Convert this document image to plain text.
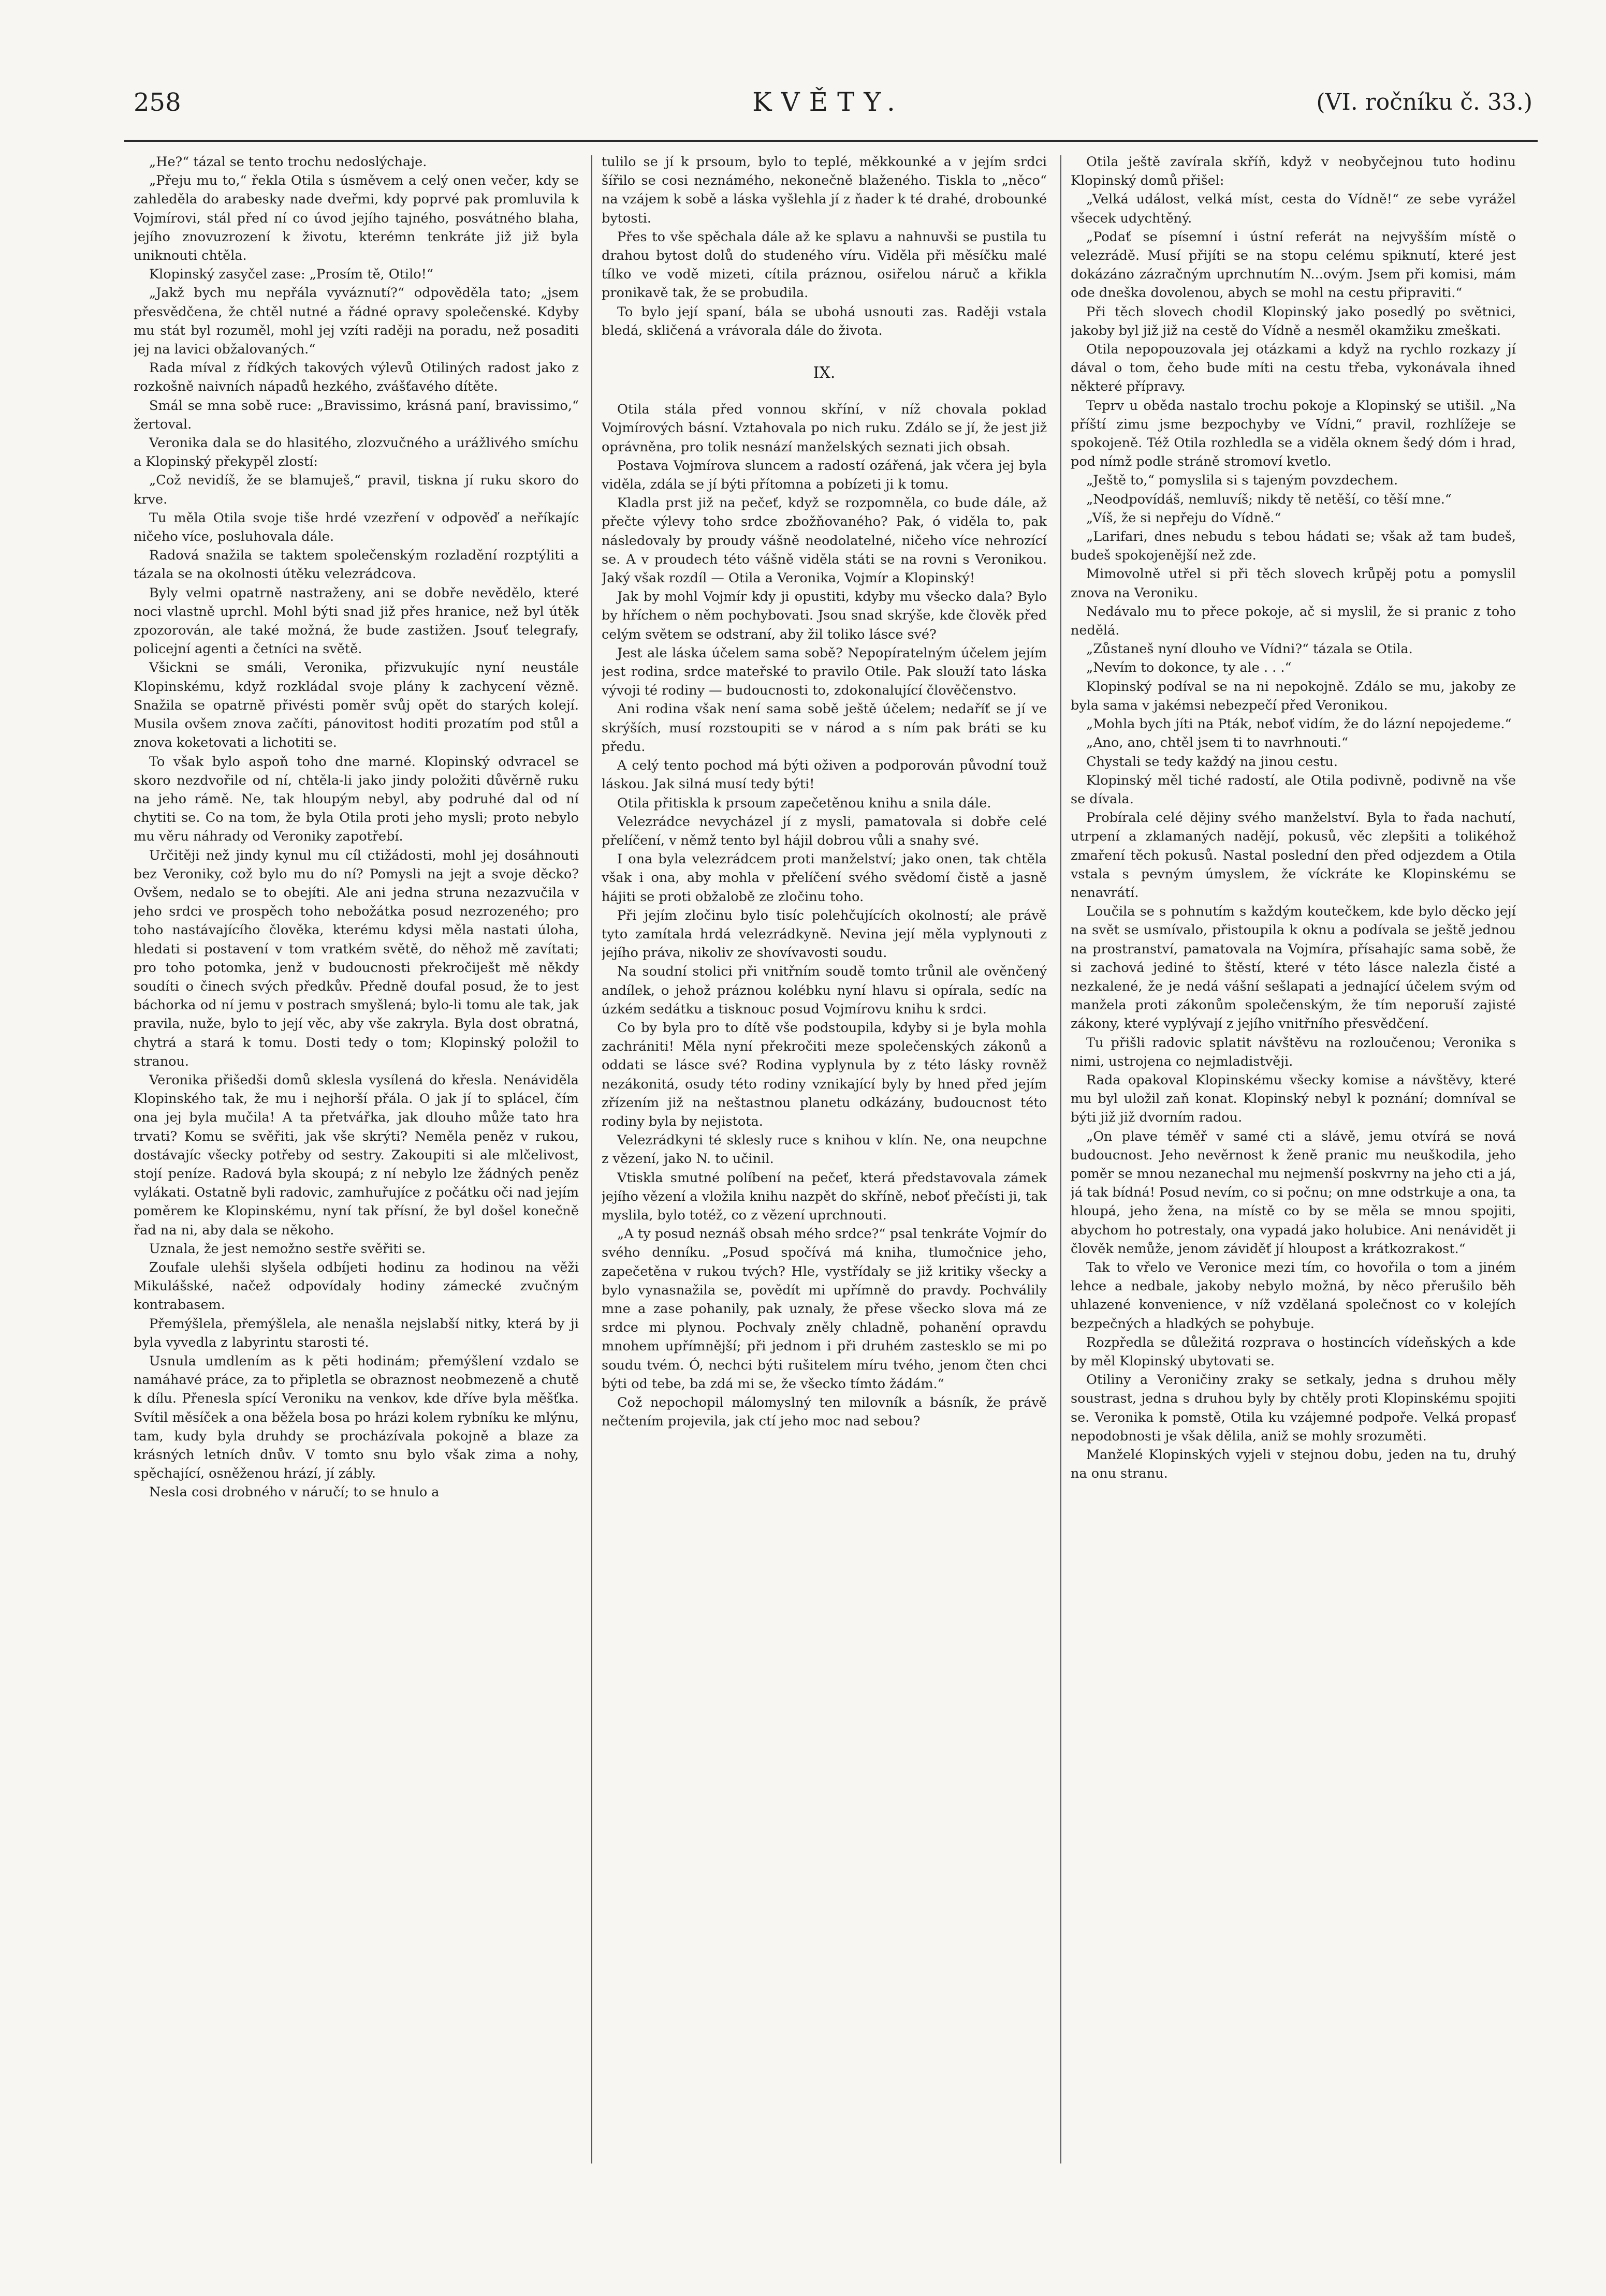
258	KVĚTY.	(VI. ročníku č. 33.)

„He?“ tázal se tento trochu nedoslýchaje.

„Přeju mu to,“ řekla Otila s úsměvem a celý onen večer, kdy se zahleděla do arabesky nade dveřmi, kdy poprvé pak promluvila k Vojmírovi, stál před ní co úvod jejího tajného, posvátného blaha, jejího znovuzrození k životu, kterémn tenkráte již již byla uniknouti chtěla.

Klopinský zasyčel zase: „Prosím tě, Otilo!“

„Jakž bych mu nepřála vyváznutí?“ odpověděla tato; „jsem přesvědčena, že chtěl nutné a řádné opravy společenské. Kdyby mu stát byl rozuměl, mohl jej vzíti raději na poradu, než posaditi jej na lavici obžalovaných.“

Rada míval z řídkých takových výlevů Otiliných radost jako z rozkošně naivních nápadů hezkého, zvášťavého dítěte.

Smál se mna sobě ruce: „Bravissimo, krásná paní, bravissimo,“ žertoval.

Veronika dala se do hlasitého, zlozvučného a urážlivého smíchu a Klopinský překypěl zlostí:

„Což nevidíš, že se blamuješ,“ pravil, tiskna jí ruku skoro do krve.

Tu měla Otila svoje tiše hrdé vzezření v odpověď a neříkajíc ničeho více, posluhovala dále.

Radová snažila se taktem společenským rozladění rozptýliti a tázala se na okolnosti útěku velezrádcova.

Byly velmi opatrně nastraženy, ani se dobře nevědělo, které noci vlastně uprchl. Mohl býti snad již přes hranice, než byl útěk zpozorován, ale také možná, že bude zastižen. Jsouť telegrafy, policejní agenti a četníci na světě.

Všickni se smáli, Veronika, přizvukujíc nyní neustále Klopinskému, když rozkládal svoje plány k zachycení vězně. Snažila se opatrně přivésti poměr svůj opět do starých kolejí. Musila ovšem znova začíti, pánovitost hoditi prozatím pod stůl a znova koketovati a lichotiti se.

To však bylo aspoň toho dne marné. Klopinský odvracel se skoro nezdvořile od ní, chtěla-li jako jindy položiti důvěrně ruku na jeho rámě. Ne, tak hloupým nebyl, aby podruhé dal od ní chytiti se. Co na tom, že byla Otila proti jeho mysli; proto nebylo mu věru náhrady od Veroniky zapotřebí.

Určitěji než jindy kynul mu cíl ctižádosti, mohl jej dosáhnouti bez Veroniky, což bylo mu do ní? Pomysli na jejt a svoje děcko? Ovšem, nedalo se to obejíti. Ale ani jedna struna nezazvučila v jeho srdci ve prospěch toho nebožátka posud nezrozeného; pro toho nastávajícího člověka, kterému kdysi měla nastati úloha, hledati si postavení v tom vratkém světě, do něhož mě zavítati; pro toho potomka, jenž v budoucnosti překročiješt mě někdy soudíti o činech svých předkův. Předně doufal posud, že to jest báchorka od ní jemu v postrach smyšlená; bylo-li tomu ale tak, jak pravila, nuže, bylo to její věc, aby vše zakryla. Byla dost obratná, chytrá a stará k tomu. Dosti tedy o tom; Klopinský položil to stranou.

Veronika přišedši domů sklesla vysílená do křesla. Nenáviděla Klopinského tak, že mu i nejhorší přála. O jak jí to splácel, čím ona jej byla mučila! A ta přetvářka, jak dlouho může tato hra trvati? Komu se svěřiti, jak vše skrýti? Neměla peněz v rukou, dostávajíc všecky potřeby od sestry. Zakoupiti si ale mlčelivost, stojí peníze. Radová byla skoupá; z ní nebylo lze žádných peněz vylákati. Ostatně byli radovic, zamhuřujíce z počátku oči nad jejím poměrem ke Klopinskému, nyní tak přísní, že byl došel konečně řad na ni, aby dala se někoho.

Uznala, že jest nemožno sestře svěřiti se.

Zoufale ulehši slyšela odbíjeti hodinu za hodinou na věži Mikulášské, načež odpovídaly hodiny zámecké zvučným kontrabasem.

Přemýšlela, přemýšlela, ale nenašla nejslabší nitky, která by ji byla vyvedla z labyrintu starosti té.

Usnula umdlením as k pěti hodinám; přemýšlení vzdalo se namáhavé práce, za to připletla se obraznost neobmezeně a chutě k dílu. Přenesla spící Veroniku na venkov, kde dříve byla měšťka. Svítil měsíček a ona běžela bosa po hrázi kolem rybníku ke mlýnu, tam, kudy byla druhdy se procházívala pokojně a blaze za krásných letních dnův. V tomto snu bylo však zima a nohy, spěchající, osněženou hrází, jí zábly.

Nesla cosi drobného v náručí; to se hnulo a

tulilo se jí k prsoum, bylo to teplé, měkkounké a v jejím srdci šířilo se cosi neznámého, nekonečně blaženého. Tiskla to „něco“ na vzájem k sobě a láska vyšlehla jí z ňader k té drahé, drobounké bytosti.

Přes to vše spěchala dále až ke splavu a nahnuvši se pustila tu drahou bytost dolů do studeného víru. Viděla při měsíčku malé tílko ve vodě mizeti, cítila práznou, osiřelou náruč a křikla pronikavě tak, že se probudila.

To bylo její spaní, bála se ubohá usnouti zas. Raději vstala bledá, skličená a vrávorala dále do života.

IX.

Otila stála před vonnou skříní, v níž chovala poklad Vojmírových básní. Vztahovala po nich ruku. Zdálo se jí, že jest již oprávněna, pro tolik nesnází manželských seznati jich obsah.

Postava Vojmírova sluncem a radostí ozářená, jak včera jej byla viděla, zdála se jí býti přítomna a pobízeti ji k tomu.

Kladla prst již na pečeť, když se rozpomněla, co bude dále, až přečte výlevy toho srdce zbožňovaného? Pak, ó viděla to, pak následovaly by proudy vášně neodolatelné, ničeho více nehrozící se. A v proudech této vášně viděla státi se na rovni s Veronikou. Jaký však rozdíl — Otila a Veronika, Vojmír a Klopinský!

Jak by mohl Vojmír kdy ji opustiti, kdyby mu všecko dala? Bylo by hříchem o něm pochybovati. Jsou snad skrýše, kde člověk před celým světem se odstraní, aby žil toliko lásce své?

Jest ale láska účelem sama sobě? Nepopíratelným účelem jejím jest rodina, srdce mateřské to pravilo Otile. Pak slouží tato láska vývoji té rodiny — budoucnosti to, zdokonalující člověčenstvo.

Ani rodina však není sama sobě ještě účelem; nedaříť se jí ve skrýších, musí rozstoupiti se v národ a s ním pak bráti se ku předu.

A celý tento pochod má býti oživen a podporován původní touž láskou. Jak silná musí tedy býti!

Otila přitiskla k prsoum zapečetěnou knihu a snila dále.

Velezrádce nevycházel jí z mysli, pamatovala si dobře celé přelíčení, v němž tento byl hájil dobrou vůli a snahy své.

I ona byla velezrádcem proti manželství; jako onen, tak chtěla však i ona, aby mohla v přelíčení svého svědomí čistě a jasně hájiti se proti obžalobě ze zločinu toho.

Při jejím zločinu bylo tisíc polehčujících okolností; ale právě tyto zamítala hrdá velezrádkyně. Nevina její měla vyplynouti z jejího práva, nikoliv ze shovívavosti soudu.

Na soudní stolici při vnitřním soudě tomto trůnil ale ověnčený andílek, o jehož práznou kolébku nyní hlavu si opírala, sedíc na úzkém sedátku a tisknouc posud Vojmírovu knihu k srdci.

Co by byla pro to dítě vše podstoupila, kdyby si je byla mohla zachrániti! Měla nyní překročiti meze společenských zákonů a oddati se lásce své? Rodina vyplynula by z této lásky rovněž nezákonitá, osudy této rodiny vznikající byly by hned před jejím zřízením již na neštastnou planetu odkázány, budoucnost této rodiny byla by nejistota.

Velezrádkyni té sklesly ruce s knihou v klín. Ne, ona neupchne z vězení, jako N. to učinil.

Vtiskla smutné políbení na pečeť, která představovala zámek jejího vězení a vložila knihu nazpět do skříně, neboť přečísti ji, tak myslila, bylo totéž, co z vězení uprchnouti.

„A ty posud neznáš obsah mého srdce?“ psal tenkráte Vojmír do svého denníku. „Posud spočívá má kniha, tlumočnice jeho, zapečetěna v rukou tvých? Hle, vystřídaly se již kritiky všecky a bylo vynasnažila se, povědít mi upřímně do pravdy. Pochválily mne a zase pohanily, pak uznaly, že přese všecko slova má ze srdce mi plynou. Pochvaly zněly chladně, pohanění opravdu mnohem upřímnější; při jednom i při druhém zastesklo se mi po soudu tvém. Ó, nechci býti rušitelem míru tvého, jenom čten chci býti od tebe, ba zdá mi se, že všecko tímto žádám.“

Což nepochopil málomyslný ten milovník a básník, že právě nečtením projevila, jak ctí jeho moc nad sebou?

Otila ještě zavírala skříň, když v neobyčejnou tuto hodinu Klopinský domů přišel:

„Velká událost, velká míst, cesta do Vídně!“ ze sebe vyrážel všecek udychtěný.

„Podať se písemní i ústní referát na nejvyšším místě o velezrádě. Musí přijíti se na stopu celému spiknutí, které jest dokázáno zázračným uprchnutím N...ovým. Jsem při komisi, mám ode dneška dovolenou, abych se mohl na cestu připraviti.“

Při těch slovech chodil Klopinský jako posedlý po světnici, jakoby byl již již na cestě do Vídně a nesměl okamžiku zmeškati.

Otila nepopouzovala jej otázkami a když na rychlo rozkazy jí dával o tom, čeho bude míti na cestu třeba, vykonávala ihned některé přípravy.

Teprv u oběda nastalo trochu pokoje a Klopinský se utišil. „Na příští zimu jsme bezpochyby ve Vídni,“ pravil, rozhlížeje se spokojeně. Též Otila rozhledla se a viděla oknem šedý dóm i hrad, pod nímž podle stráně stromoví kvetlo.

„Ještě to,“ pomyslila si s tajeným povzdechem.

„Neodpovídáš, nemluvíš; nikdy tě netěší, co těší mne.“

„Víš, že si nepřeju do Vídně.“

„Larifari, dnes nebudu s tebou hádati se; však až tam budeš, budeš spokojenější než zde.

Mimovolně utřel si při těch slovech krůpěj potu a pomyslil znova na Veroniku.

Nedávalo mu to přece pokoje, ač si myslil, že si pranic z toho nedělá.

„Zůstaneš nyní dlouho ve Vídni?“ tázala se Otila.

„Nevím to dokonce, ty ale . . .“

Klopinský podíval se na ni nepokojně. Zdálo se mu, jakoby ze byla sama v jakémsi nebezpečí před Veronikou.

„Mohla bych jíti na Pták, neboť vidím, že do lázní nepojedeme.“

„Ano, ano, chtěl jsem ti to navrhnouti.“

Chystali se tedy každý na jinou cestu.

Klopinský měl tiché radostí, ale Otila podivně, podivně na vše se dívala.

Probírala celé dějiny svého manželství. Byla to řada nachutí, utrpení a zklamaných nadějí, pokusů, věc zlepšiti a tolikéhož zmaření těch pokusů. Nastal poslední den před odjezdem a Otila vstala s pevným úmyslem, že víckráte ke Klopinskému se nenavrátí.

Loučila se s pohnutím s každým koutečkem, kde bylo děcko její na svět se usmívalo, přistoupila k oknu a podívala se ještě jednou na prostranství, pamatovala na Vojmíra, přísahajíc sama sobě, že si zachová jediné to štěstí, které v této lásce nalezla čisté a nezkalené, že je nedá vášní sešlapati a jednající účelem svým od manžela proti zákonům společenským, že tím neporuší zajisté zákony, které vyplývají z jejího vnitřního přesvědčení.

Tu přišli radovic splatit návštěvu na rozloučenou; Veronika s nimi, ustrojena co nejmladistvěji.

Rada opakoval Klopinskému všecky komise a návštěvy, které mu byl uložil zaň konat. Klopinský nebyl k poznání; domníval se býti již již dvorním radou.

„On plave téměř v samé cti a slávě, jemu otvírá se nová budoucnost. Jeho nevěrnost k ženě pranic mu neuškodila, jeho poměr se mnou nezanechal mu nejmenší poskvrny na jeho cti a já, já tak bídná! Posud nevím, co si počnu; on mne odstrkuje a ona, ta hloupá, jeho žena, na místě co by se měla se mnou spojiti, abychom ho potrestaly, ona vypadá jako holubice. Ani nenávidět ji člověk nemůže, jenom záviděť jí hloupost a krátkozrakost.“

Tak to vřelo ve Veronice mezi tím, co hovořila o tom a jiném lehce a nedbale, jakoby nebylo možná, by něco přerušilo běh uhlazené konvenience, v níž vzdělaná společnost co v kolejích bezpečných a hladkých se pohybuje.

Rozpředla se důležitá rozprava o hostincích vídeňských a kde by měl Klopinský ubytovati se.

Otiliny a Veroničiny zraky se setkaly, jedna s druhou měly soustrast, jedna s druhou byly by chtěly proti Klopinskému spojiti se. Veronika k pomstě, Otila ku vzájemné podpoře. Velká propasť nepodobnosti je však dělila, aniž se mohly srozuměti.

Manželé Klopinských vyjeli v stejnou dobu, jeden na tu, druhý na onu stranu.
